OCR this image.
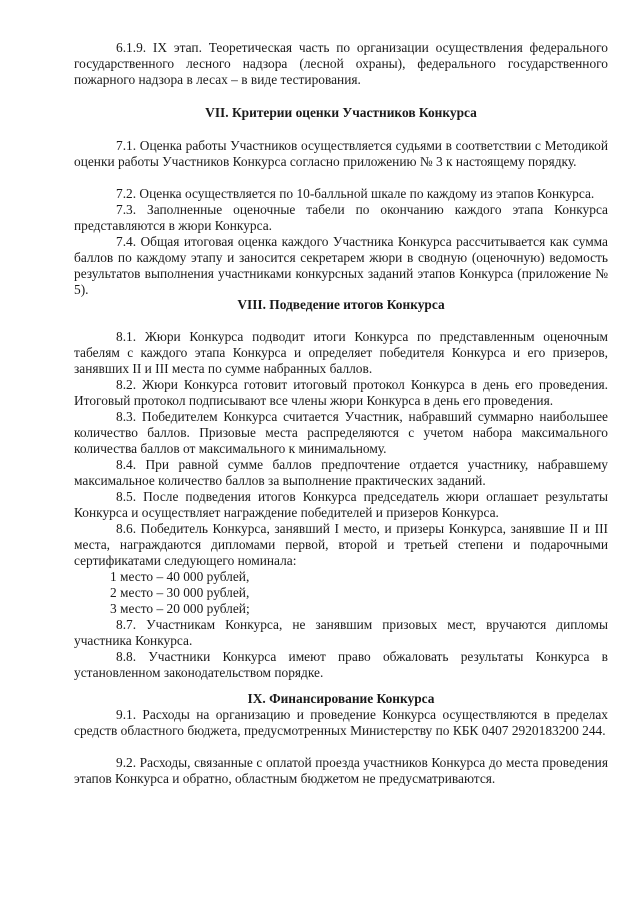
6.1.9. IX этап. Теоретическая часть по организации осуществления федерального государственного лесного надзора (лесной охраны), федерального государственного пожарного надзора в лесах – в виде тестирования.

VII. Критерии оценки Участников Конкурса

7.1. Оценка работы Участников осуществляется судьями в соответствии с Методикой оценки работы Участников Конкурса согласно приложению № 3 к настоящему порядку.

7.2. Оценка осуществляется по 10-балльной шкале по каждому из этапов Конкурса.

7.3. Заполненные оценочные табели по окончанию каждого этапа Конкурса представляются в жюри Конкурса.

7.4. Общая итоговая оценка каждого Участника Конкурса рассчитывается как сумма баллов по каждому этапу и заносится секретарем жюри в сводную (оценочную) ведомость результатов выполнения участниками конкурсных заданий этапов Конкурса (приложение № 5).

VIII. Подведение итогов Конкурса

8.1. Жюри Конкурса подводит итоги Конкурса по представленным оценочным табелям с каждого этапа Конкурса и определяет победителя Конкурса и его призеров, занявших II и III места по сумме набранных баллов.

8.2. Жюри Конкурса готовит итоговый протокол Конкурса в день его проведения. Итоговый протокол подписывают все члены жюри Конкурса в день его проведения.

8.3. Победителем Конкурса считается Участник, набравший суммарно наибольшее количество баллов. Призовые места распределяются с учетом набора максимального количества баллов от максимального к минимальному.

8.4. При равной сумме баллов предпочтение отдается участнику, набравшему максимальное количество баллов за выполнение практических заданий.

8.5. После подведения итогов Конкурса председатель жюри оглашает результаты Конкурса и осуществляет награждение победителей и призеров Конкурса.

8.6. Победитель Конкурса, занявший I место, и призеры Конкурса, занявшие II и III места, награждаются дипломами первой, второй и третьей степени и подарочными сертификатами следующего номинала:

1 место – 40 000 рублей,

2 место – 30 000 рублей,

3 место – 20 000 рублей;

8.7. Участникам Конкурса, не занявшим призовых мест, вручаются дипломы участника Конкурса.

8.8. Участники Конкурса имеют право обжаловать результаты Конкурса в установленном законодательством порядке.

IX. Финансирование Конкурса

9.1. Расходы на организацию и проведение Конкурса осуществляются в пределах средств областного бюджета, предусмотренных Министерству по КБК 0407 2920183200 244.

9.2. Расходы, связанные с оплатой проезда участников Конкурса до места проведения этапов Конкурса и обратно, областным бюджетом не предусматриваются.
